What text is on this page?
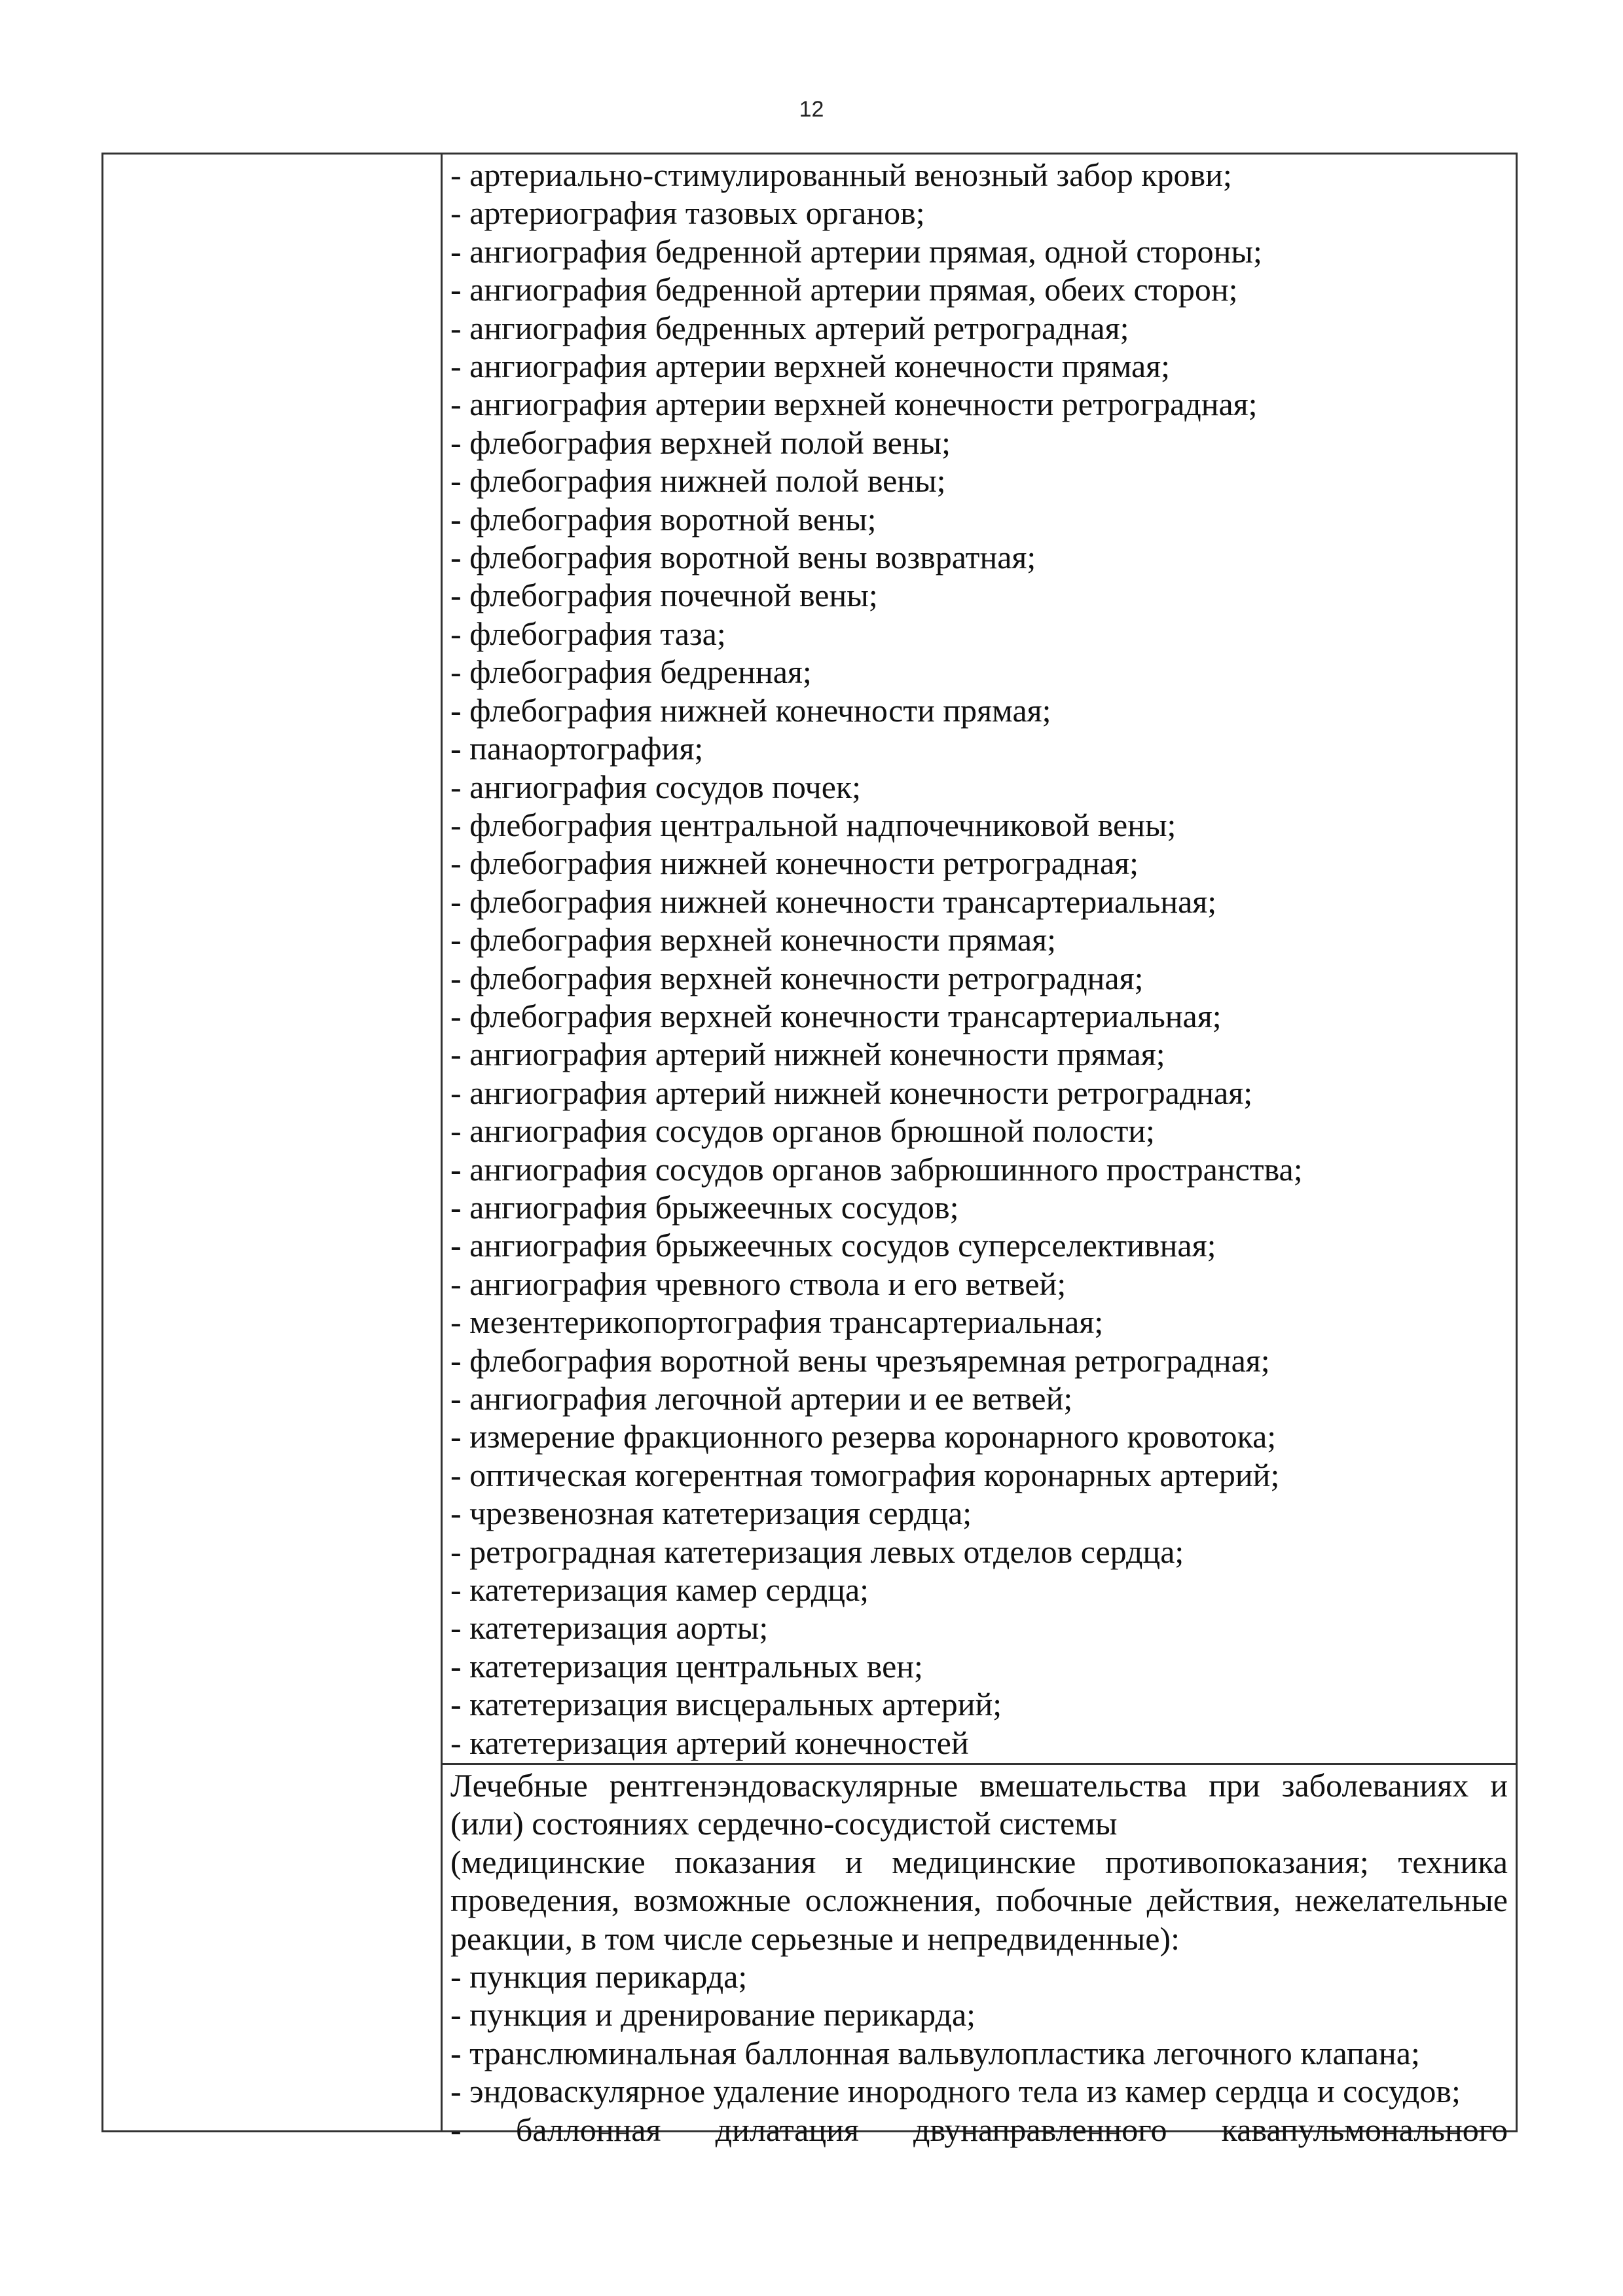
12
- артериально-стимулированный венозный забор крови;
- артериография тазовых органов;
- ангиография бедренной артерии прямая, одной стороны;
- ангиография бедренной артерии прямая, обеих сторон;
- ангиография бедренных артерий ретроградная;
- ангиография артерии верхней конечности прямая;
- ангиография артерии верхней конечности ретроградная;
- флебография верхней полой вены;
- флебография нижней полой вены;
- флебография воротной вены;
- флебография воротной вены возвратная;
- флебография почечной вены;
- флебография таза;
- флебография бедренная;
- флебография нижней конечности прямая;
- панаортография;
- ангиография сосудов почек;
- флебография центральной надпочечниковой вены;
- флебография нижней конечности ретроградная;
- флебография нижней конечности трансартериальная;
- флебография верхней конечности прямая;
- флебография верхней конечности ретроградная;
- флебография верхней конечности трансартериальная;
- ангиография артерий нижней конечности прямая;
- ангиография артерий нижней конечности ретроградная;
- ангиография сосудов органов брюшной полости;
- ангиография сосудов органов забрюшинного пространства;
- ангиография брыжеечных сосудов;
- ангиография брыжеечных сосудов суперселективная;
- ангиография чревного ствола и его ветвей;
- мезентерикопортография трансартериальная;
- флебография воротной вены чрезъяремная ретроградная;
- ангиография легочной артерии и ее ветвей;
- измерение фракционного резерва коронарного кровотока;
- оптическая когерентная томография коронарных артерий;
- чрезвенозная катетеризация сердца;
- ретроградная катетеризация левых отделов сердца;
- катетеризация камер сердца;
- катетеризация аорты;
- катетеризация центральных вен;
- катетеризация висцеральных артерий;
- катетеризация артерий конечностей
Лечебные рентгенэндоваскулярные вмешательства при заболеваниях и (или) состояниях сердечно-сосудистой системы
(медицинские показания и медицинские противопоказания; техника проведения, возможные осложнения, побочные действия, нежелательные реакции, в том числе серьезные и непредвиденные):
- пункция перикарда;
- пункция и дренирование перикарда;
- транслюминальная баллонная вальвулопластика легочного клапана;
- эндоваскулярное удаление инородного тела из камер сердца и сосудов;
- баллонная дилатация двунаправленного кавапульмонального
